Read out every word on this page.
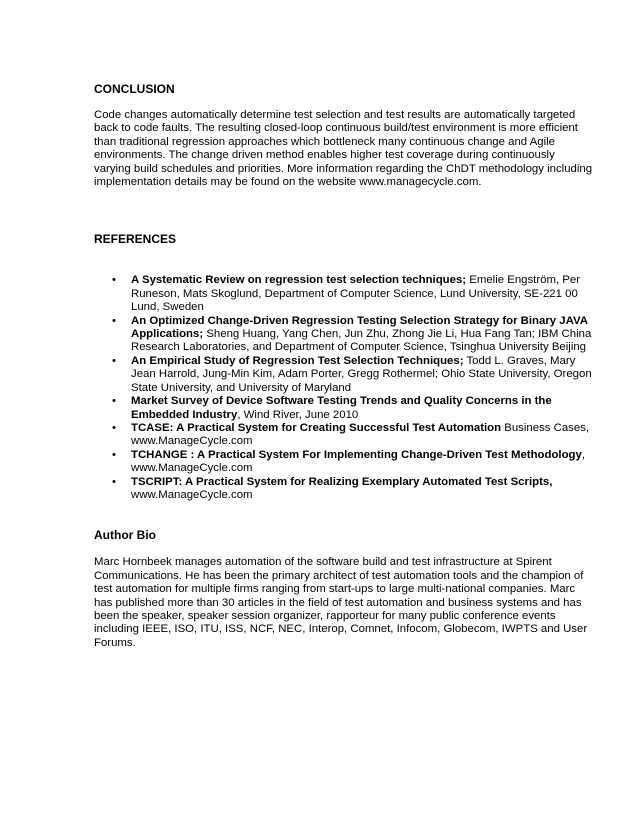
CONCLUSION

Code changes automatically determine test selection and test results are automatically targeted back to code faults. The resulting closed-loop continuous build/test environment is more efficient than traditional regression approaches which bottleneck many continuous change and Agile environments. The change driven method enables higher test coverage during continuously varying build schedules and priorities. More information regarding the ChDT methodology including implementation details may be found on the website www.managecycle.com.

REFERENCES
• A Systematic Review on regression test selection techniques; Emelie Engström, Per Runeson, Mats Skoglund, Department of Computer Science, Lund University, SE-221 00 Lund, Sweden
• An Optimized Change-Driven Regression Testing Selection Strategy for Binary JAVA Applications; Sheng Huang, Yang Chen, Jun Zhu, Zhong Jie Li, Hua Fang Tan; IBM China Research Laboratories, and Department of Computer Science, Tsinghua University Beijing
• An Empirical Study of Regression Test Selection Techniques; Todd L. Graves, Mary Jean Harrold, Jung-Min Kim, Adam Porter, Gregg Rothermel; Ohio State University, Oregon State University, and University of Maryland
• Market Survey of Device Software Testing Trends and Quality Concerns in the Embedded Industry, Wind River, June 2010
• TCASE: A Practical System for Creating Successful Test Automation Business Cases, www.ManageCycle.com
• TCHANGE : A Practical System For Implementing Change-Driven Test Methodology, www.ManageCycle.com
• TSCRIPT: A Practical System for Realizing Exemplary Automated Test Scripts, www.ManageCycle.com
Author Bio

Marc Hornbeek manages automation of the software build and test infrastructure at Spirent Communications. He has been the primary architect of test automation tools and the champion of test automation for multiple firms ranging from start-ups to large multi-national companies. Marc has published more than 30 articles in the field of test automation and business systems and has been the speaker, speaker session organizer, rapporteur for many public conference events including IEEE, ISO, ITU, ISS, NCF, NEC, Interop, Comnet, Infocom, Globecom, IWPTS and User Forums.
